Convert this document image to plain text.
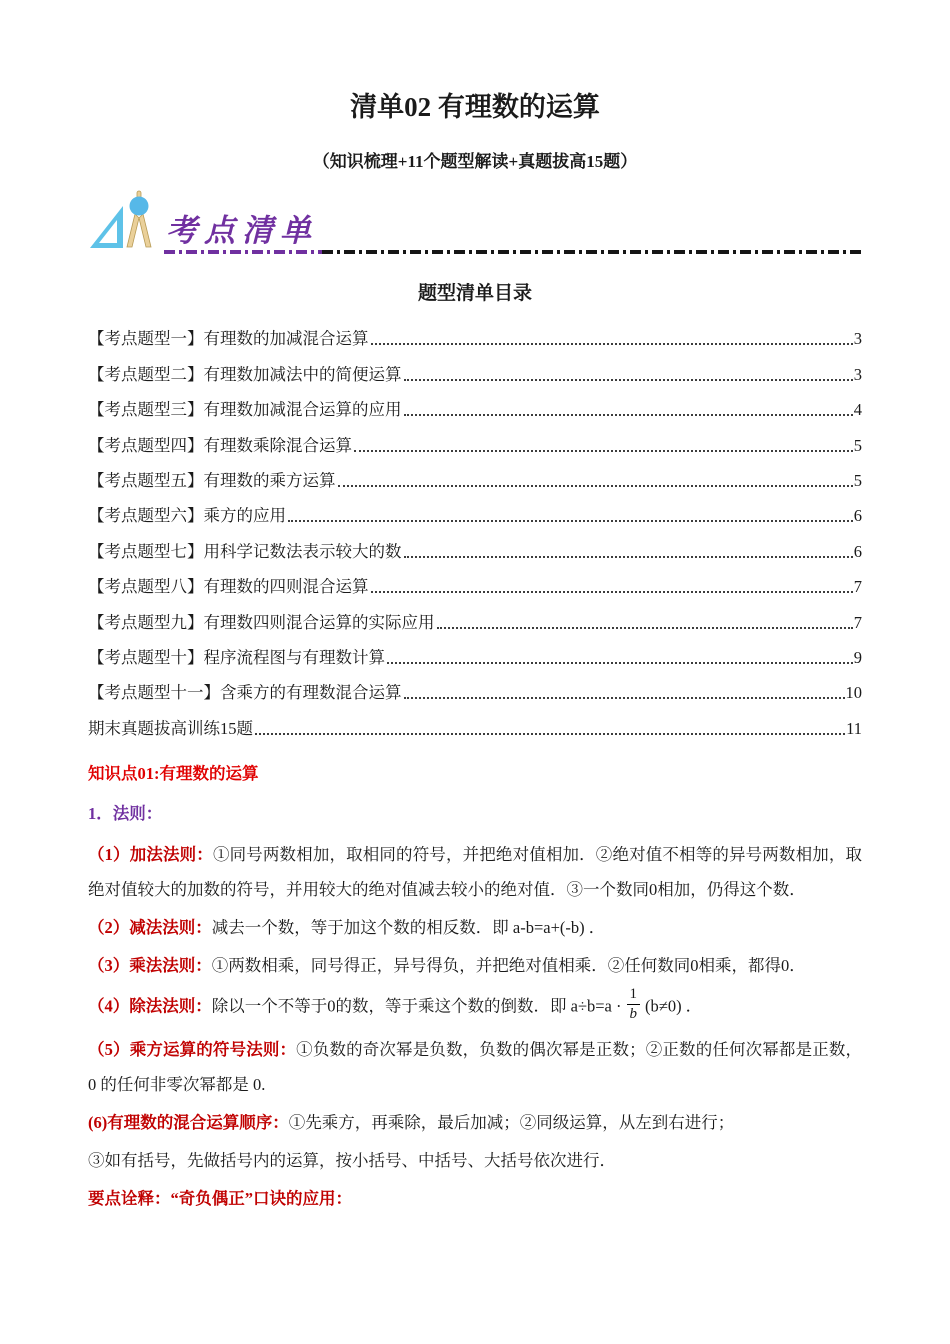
清单02 有理数的运算
（知识梳理+11个题型解读+真题拔高15题）
考点清单
题型清单目录
【考点题型一】有理数的加减混合运算	3
【考点题型二】有理数加减法中的简便运算	3
【考点题型三】有理数加减混合运算的应用	4
【考点题型四】有理数乘除混合运算	5
【考点题型五】有理数的乘方运算	5
【考点题型六】乘方的应用	6
【考点题型七】用科学记数法表示较大的数	6
【考点题型八】有理数的四则混合运算	7
【考点题型九】有理数四则混合运算的实际应用	7
【考点题型十】程序流程图与有理数计算	9
【考点题型十一】含乘方的有理数混合运算	10
期末真题拔高训练15题	11
知识点01:有理数的运算
1．法则：

（1）加法法则：①同号两数相加，取相同的符号，并把绝对值相加．②绝对值不相等的异号两数相加，取绝对值较大的加数的符号，并用较大的绝对值减去较小的绝对值．③一个数同0相加，仍得这个数．

（2）减法法则：减去一个数，等于加这个数的相反数．即 a-b=a+(-b) ．

（3）乘法法则：①两数相乘，同号得正，异号得负，并把绝对值相乘．②任何数同0相乘，都得0．

（4）除法法则：除以一个不等于0的数，等于乘这个数的倒数．即 $a\div b=a \cdot \frac{1}{b} (b\ne 0)$ ．

（5）乘方运算的符号法则：①负数的奇次幂是负数，负数的偶次幂是正数；②正数的任何次幂都是正数，0 的任何非零次幂都是 0.

(6)有理数的混合运算顺序：①先乘方，再乘除，最后加减；②同级运算，从左到右进行；

③如有括号，先做括号内的运算，按小括号、中括号、大括号依次进行．

要点诠释：“奇负偶正”口诀的应用：
